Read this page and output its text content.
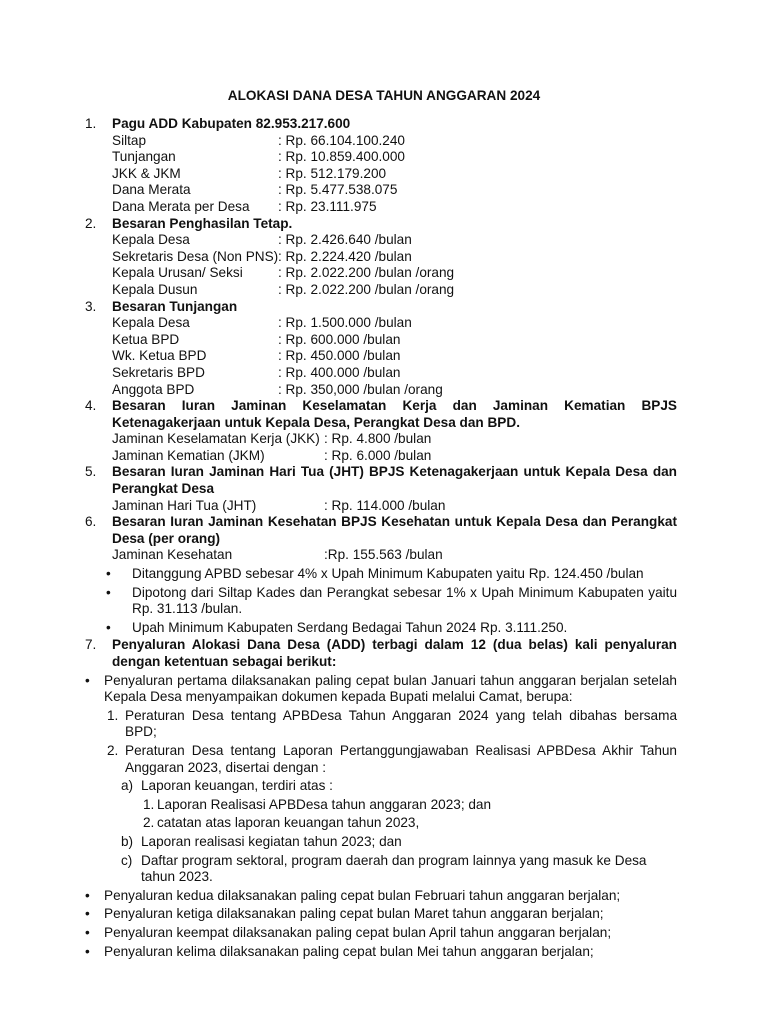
ALOKASI DANA DESA TAHUN ANGGARAN 2024
1. Pagu ADD Kabupaten 82.953.217.600
Siltap	: Rp. 66.104.100.240
Tunjangan	: Rp. 10.859.400.000
JKK & JKM	: Rp. 512.179.200
Dana Merata	: Rp. 5.477.538.075
Dana Merata per Desa : Rp. 23.111.975
2. Besaran Penghasilan Tetap.
Kepala Desa	: Rp. 2.426.640 /bulan
Sekretaris Desa (Non PNS) : Rp. 2.224.420 /bulan
Kepala Urusan/ Seksi	: Rp. 2.022.200 /bulan /orang
Kepala Dusun	: Rp. 2.022.200 /bulan /orang
3. Besaran Tunjangan
Kepala Desa	: Rp. 1.500.000 /bulan
Ketua BPD	: Rp. 600.000 /bulan
Wk. Ketua BPD	: Rp. 450.000 /bulan
Sekretaris BPD	: Rp. 400.000 /bulan
Anggota BPD	: Rp. 350,000 /bulan /orang
4. Besaran Iuran Jaminan Keselamatan Kerja dan Jaminan Kematian BPJS Ketenagakerjaan untuk Kepala Desa, Perangkat Desa dan BPD.
Jaminan Keselamatan Kerja (JKK) : Rp. 4.800 /bulan
Jaminan Kematian (JKM)	: Rp. 6.000 /bulan
5. Besaran Iuran Jaminan Hari Tua (JHT) BPJS Ketenagakerjaan untuk Kepala Desa dan Perangkat Desa
Jaminan Hari Tua (JHT)	: Rp. 114.000 /bulan
6. Besaran Iuran Jaminan Kesehatan BPJS Kesehatan untuk Kepala Desa dan Perangkat Desa (per orang)
Jaminan Kesehatan	:Rp. 155.563 /bulan
• Ditanggung APBD sebesar 4% x Upah Minimum Kabupaten yaitu Rp. 124.450 /bulan
• Dipotong dari Siltap Kades dan Perangkat sebesar 1% x Upah Minimum Kabupaten yaitu Rp. 31.113 /bulan.
• Upah Minimum Kabupaten Serdang Bedagai Tahun 2024 Rp. 3.111.250.
7. Penyaluran Alokasi Dana Desa (ADD) terbagi dalam 12 (dua belas) kali penyaluran dengan ketentuan sebagai berikut:
• Penyaluran pertama dilaksanakan paling cepat bulan Januari tahun anggaran berjalan setelah Kepala Desa menyampaikan dokumen kepada Bupati melalui Camat, berupa:
1. Peraturan Desa tentang APBDesa Tahun Anggaran 2024 yang telah dibahas bersama BPD;
2. Peraturan Desa tentang Laporan Pertanggungjawaban Realisasi APBDesa Akhir Tahun Anggaran 2023, disertai dengan :
a) Laporan keuangan, terdiri atas :
1. Laporan Realisasi APBDesa tahun anggaran 2023; dan
2. catatan atas laporan keuangan tahun 2023,
b) Laporan realisasi kegiatan tahun 2023; dan
c) Daftar program sektoral, program daerah dan program lainnya yang masuk ke Desa tahun 2023.
• Penyaluran kedua dilaksanakan paling cepat bulan Februari tahun anggaran berjalan;
• Penyaluran ketiga dilaksanakan paling cepat bulan Maret tahun anggaran berjalan;
• Penyaluran keempat dilaksanakan paling cepat bulan April tahun anggaran berjalan;
• Penyaluran kelima dilaksanakan paling cepat bulan Mei tahun anggaran berjalan;
